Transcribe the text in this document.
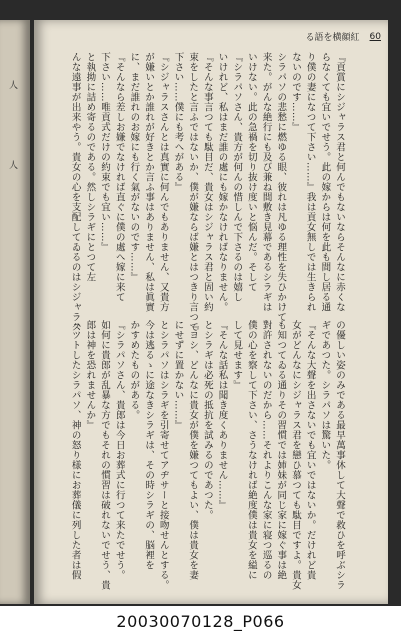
人
人
る語を横顔紅 60
『貢賞にシジャラス君と何んでもないならそんなに赤くな
らなくても宜いでせう。此の嫁からは何を此も間し居る通
り僕の妻になつて下さい……』我は貢女無しでは生きられ
ないのです……』
シラパソの悲愁に燃ゆる眼、彼れは凡ゆる理性を失ひかけて
来た。がんな絶行にも及び兼ね間敷き見幕であるシラギは
いけない。此の急禍を切り抜け度いと悩んだ。そして
『シラパソさん、貴方が何んの惜しんで下さるのは嬉し
いけれど、私はまだ誰の處にも嫁かなければなりません。
『そんな事言つても駄目だ、貴女はシジャラス君と固い約
束をしたと言ふではないか、僕が嫌ならば嫌とはつきり言つて
下さい……僕にも考へがある』
『シジャラスさんとは真實に何んでもありません、又貴方
が嫌いとか誰れが好きとか言ふ事はありません、私は眞實
に、まだ誰れのお嫁にも行く氣がないのです……』
『そんなら差しお嫌でなければ直ぐに僕の處へ嫁に来て
下さい……唯貢式だけの約束でも宜い……』
と執拗に詰め寄るのである。然しシラギにとつて左
んな遠事が出来やう。貴女の心を支配してゐるのはシジャラス
の優しい姿のみである最早萬事休して大聲で救ひを呼ぶシラ
ギであつた。シラパソは驚いた。
『そんな大聲を出さないでも宜いではないか。だけれど貴
女がどんなにシジャラス君を戀ひ慕つても駄目ですよ。貴女
も知つてゐる通りその習慣では姉妹が同じ家に嫁ぐ事は絶
對許されないのだから……それよりこんな家に寝つ巡るの
僕の心を察して下さい、さうなければ絶度僕は貴女を縊に
して見せます』
『そんな話私は聞き度くありません……』
とシラギは必死の抵抗を試みるのであつた。
『ヨシ、どんなに貴女が僕を嫌つてもよい、僕は貴女を妻
にせずに置かない……』
とシラパソはシラギを引寄せてアヂサーと接吻せんとする。
今は逃るゝに途なきシラギは、その時シラギの、脳裡を
かすめたものがある。
『シラパソさん、貴郎は今日お葬式に行つて来たでせう。
如何に貴郎が乱暴な方でもそれの慣習は破れないでせう、貴
郎は神を恐れませんか』
ハツトしたシラパソ、神の怒り様にお葬儀に列した者は假
20030070128_P066
